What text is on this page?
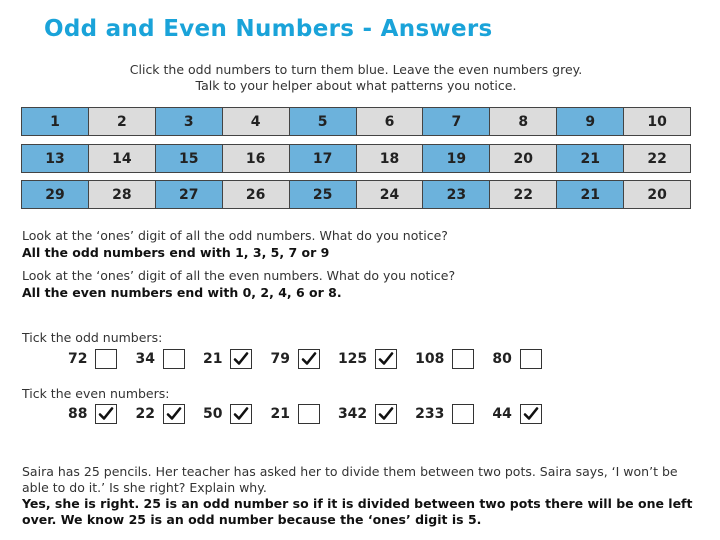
Odd and Even Numbers - Answers
Click the odd numbers to turn them blue. Leave the even numbers grey.
Talk to your helper about what patterns you notice.
1	2	3	4	5	6	7	8	9	10
13	14	15	16	17	18	19	20	21	22
29	28	27	26	25	24	23	22	21	20
Look at the ‘ones’ digit of all the odd numbers. What do you notice?
All the odd numbers end with 1, 3, 5, 7 or 9
Look at the ‘ones’ digit of all the even numbers. What do you notice?
All the even numbers end with 0, 2, 4, 6 or 8.
Tick the odd numbers:
72	34	21	79	125	108	80
Tick the even numbers:
88	22	50	21	342	233	44
Saira has 25 pencils. Her teacher has asked her to divide them between two pots. Saira says, ‘I won’t be able to do it.’ Is she right? Explain why.
Yes, she is right. 25 is an odd number so if it is divided between two pots there will be one left over. We know 25 is an odd number because the ‘ones’ digit is 5.
